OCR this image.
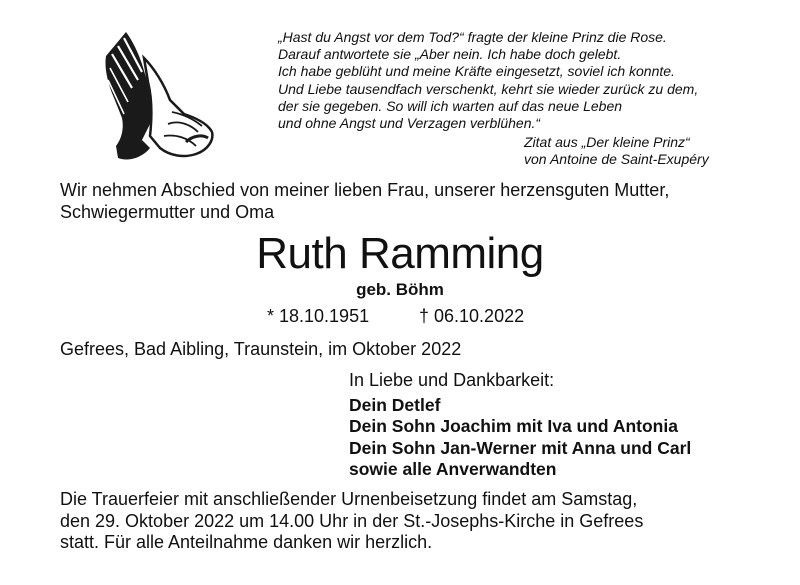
„Hast du Angst vor dem Tod?“ fragte der kleine Prinz die Rose.
Darauf antwortete sie „Aber nein. Ich habe doch gelebt.
Ich habe geblüht und meine Kräfte eingesetzt, soviel ich konnte.
Und Liebe tausendfach verschenkt, kehrt sie wieder zurück zu dem,
der sie gegeben. So will ich warten auf das neue Leben
und ohne Angst und Verzagen verblühen.“
Zitat aus „Der kleine Prinz“
von Antoine de Saint-Exupéry
Wir nehmen Abschied von meiner lieben Frau, unserer herzensguten Mutter,
Schwiegermutter und Oma
Ruth Ramming
geb. Böhm
* 18.10.1951	† 06.10.2022
Gefrees, Bad Aibling, Traunstein, im Oktober 2022
In Liebe und Dankbarkeit:
Dein Detlef
Dein Sohn Joachim mit Iva und Antonia
Dein Sohn Jan-Werner mit Anna und Carl
sowie alle Anverwandten
Die Trauerfeier mit anschließender Urnenbeisetzung findet am Samstag,
den 29. Oktober 2022 um 14.00 Uhr in der St.-Josephs-Kirche in Gefrees
statt. Für alle Anteilnahme danken wir herzlich.
